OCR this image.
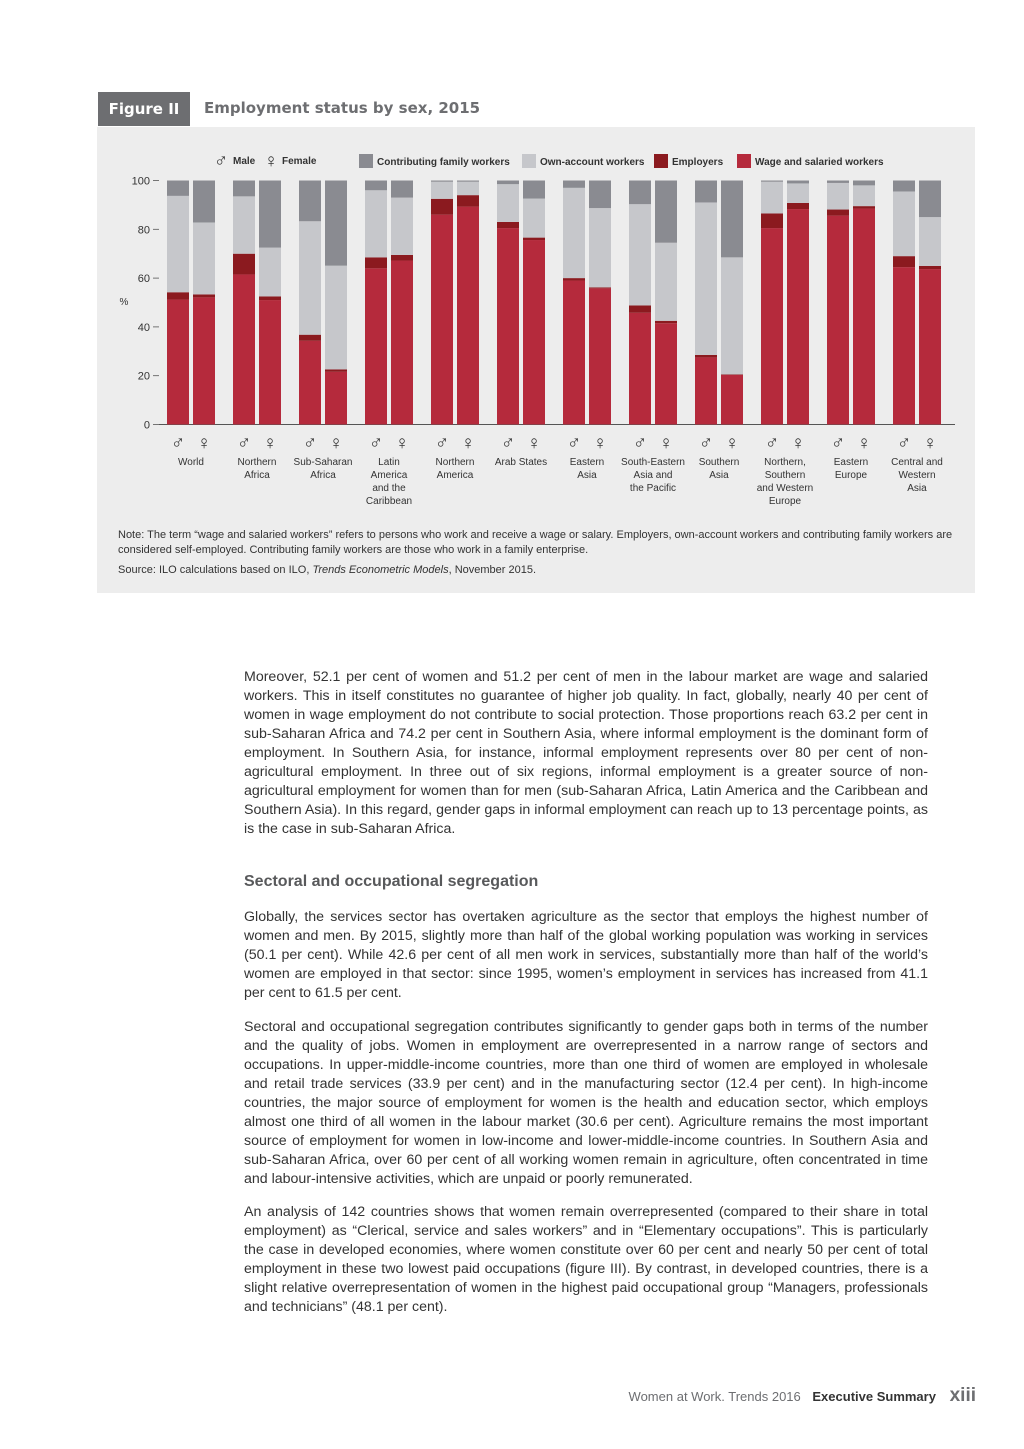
Figure II	Employment status by sex, 2015
0
20
40
60
80
100
%
♂ ♀
World
♂ ♀
Northern
Africa
♂ ♀
Sub-Saharan
Africa
♂ ♀
Latin
America
and the
Caribbean
♂ ♀
Northern
America
♂ ♀
Arab States
♂ ♀
Eastern
Asia
♂ ♀
South-Eastern
Asia and
the Pacific
♂ ♀
Southern
Asia
♂ ♀
Northern,
Southern
and Western
Europe
♂ ♀
Eastern
Europe
♂ ♀
Central and
Western
Asia
♂ Male ♀ Female	Contributing family workers	Own-account workers	Employers	Wage and salaried workers
Note: The term “wage and salaried workers” refers to persons who work and receive a wage or salary. Employers, own-account workers and contributing family workers are considered self-employed. Contributing family workers are those who work in a family enterprise.
Source: ILO calculations based on ILO, Trends Econometric Models, November 2015.

Moreover, 52.1 per cent of women and 51.2 per cent of men in the labour market are wage and salaried workers. This in itself constitutes no guarantee of higher job quality. In fact, globally, nearly 40 per cent of women in wage employment do not contribute to social protection. Those proportions reach 63.2 per cent in sub-Saharan Africa and 74.2 per cent in Southern Asia, where informal employment is the dominant form of employment. In Southern Asia, for instance, informal employment represents over 80 per cent of non-agricultural employment. In three out of six regions, informal employment is a greater source of non-agricultural employment for women than for men (sub-Saharan Africa, Latin America and the Caribbean and Southern Asia). In this regard, gender gaps in informal employment can reach up to 13 percentage points, as is the case in sub-Saharan Africa.

Sectoral and occupational segregation

Globally, the services sector has overtaken agriculture as the sector that employs the highest number of women and men. By 2015, slightly more than half of the global working population was working in services (50.1 per cent). While 42.6 per cent of all men work in services, substantially more than half of the world’s women are employed in that sector: since 1995, women’s employment in services has increased from 41.1 per cent to 61.5 per cent.

Sectoral and occupational segregation contributes significantly to gender gaps both in terms of the number and the quality of jobs. Women in employment are overrepresented in a narrow range of sectors and occupations. In upper-middle-income countries, more than one third of women are employed in wholesale and retail trade services (33.9 per cent) and in the manufacturing sector (12.4 per cent). In high-income countries, the major source of employment for women is the health and education sector, which employs almost one third of all women in the labour market (30.6 per cent). Agriculture remains the most important source of employment for women in low-income and lower-middle-income countries. In Southern Asia and sub-Saharan Africa, over 60 per cent of all working women remain in agriculture, often concentrated in time and labour-intensive activities, which are unpaid or poorly remunerated.

An analysis of 142 countries shows that women remain overrepresented (compared to their share in total employment) as “Clerical, service and sales workers” and in “Elementary occupations”. This is particularly the case in developed economies, where women constitute over 60 per cent and nearly 50 per cent of total employment in these two lowest paid occupations (figure III). By contrast, in developed countries, there is a slight relative overrepresentation of women in the highest paid occupational group “Managers, professionals and technicians” (48.1 per cent).

Women at Work. Trends 2016 Executive Summary xiii
